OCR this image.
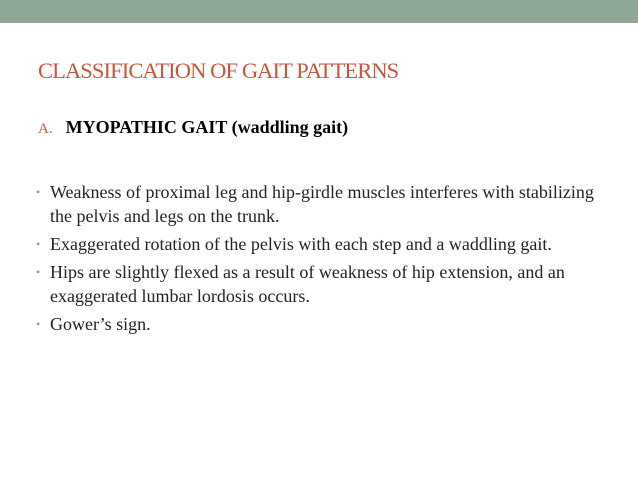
CLASSIFICATION OF GAIT PATTERNS
A. MYOPATHIC GAIT (waddling gait)
• Weakness of proximal leg and hip-girdle muscles interferes with stabilizing the pelvis and legs on the trunk.
• Exaggerated rotation of the pelvis with each step and a waddling gait.
• Hips are slightly flexed as a result of weakness of hip extension, and an exaggerated lumbar lordosis occurs.
• Gower’s sign.
